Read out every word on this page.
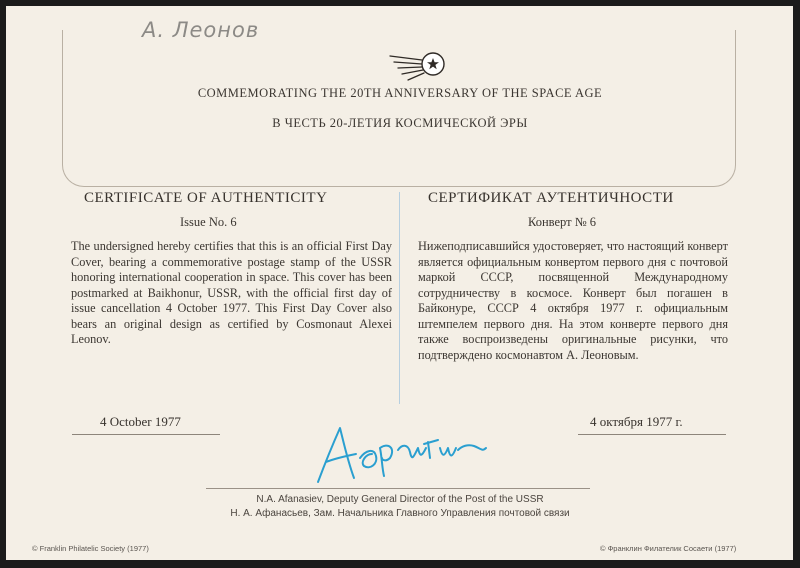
А. Леонов
COMMEMORATING THE 20TH ANNIVERSARY OF THE SPACE AGE
В ЧЕСТЬ 20-ЛЕТИЯ КОСМИЧЕСКОЙ ЭРЫ
CERTIFICATE OF AUTHENTICITY	СЕРТИФИКАТ АУТЕНТИЧНОСТИ
Issue No. 6	Конверт № 6
The undersigned hereby certifies that this is an official First Day Cover, bearing a commemorative postage stamp of the USSR honoring international cooperation in space. This cover has been postmarked at Baikhonur, USSR, with the official first day of issue cancellation 4 October 1977. This First Day Cover also bears an original design as certified by Cosmonaut Alexei Leonov.
Нижеподписавшийся удостоверяет, что настоящий конверт является официальным конвертом первого дня с почтовой маркой СССР, посвященной Международному сотрудничеству в космосе. Конверт был погашен в Байконуре, СССР 4 октября 1977 г. официальным штемпелем первого дня. На этом конверте первого дня также воспроизведены оригинальные рисунки, что подтверждено космонавтом А. Леоновым.
4 October 1977	4 октября 1977 г.
N.A. Afanasiev, Deputy General Director of the Post of the USSR
Н. А. Афанасьев, Зам. Начальника Главного Управления почтовой связи
© Franklin Philatelic Society (1977)	© Франклин Филателик Сосаети (1977)
